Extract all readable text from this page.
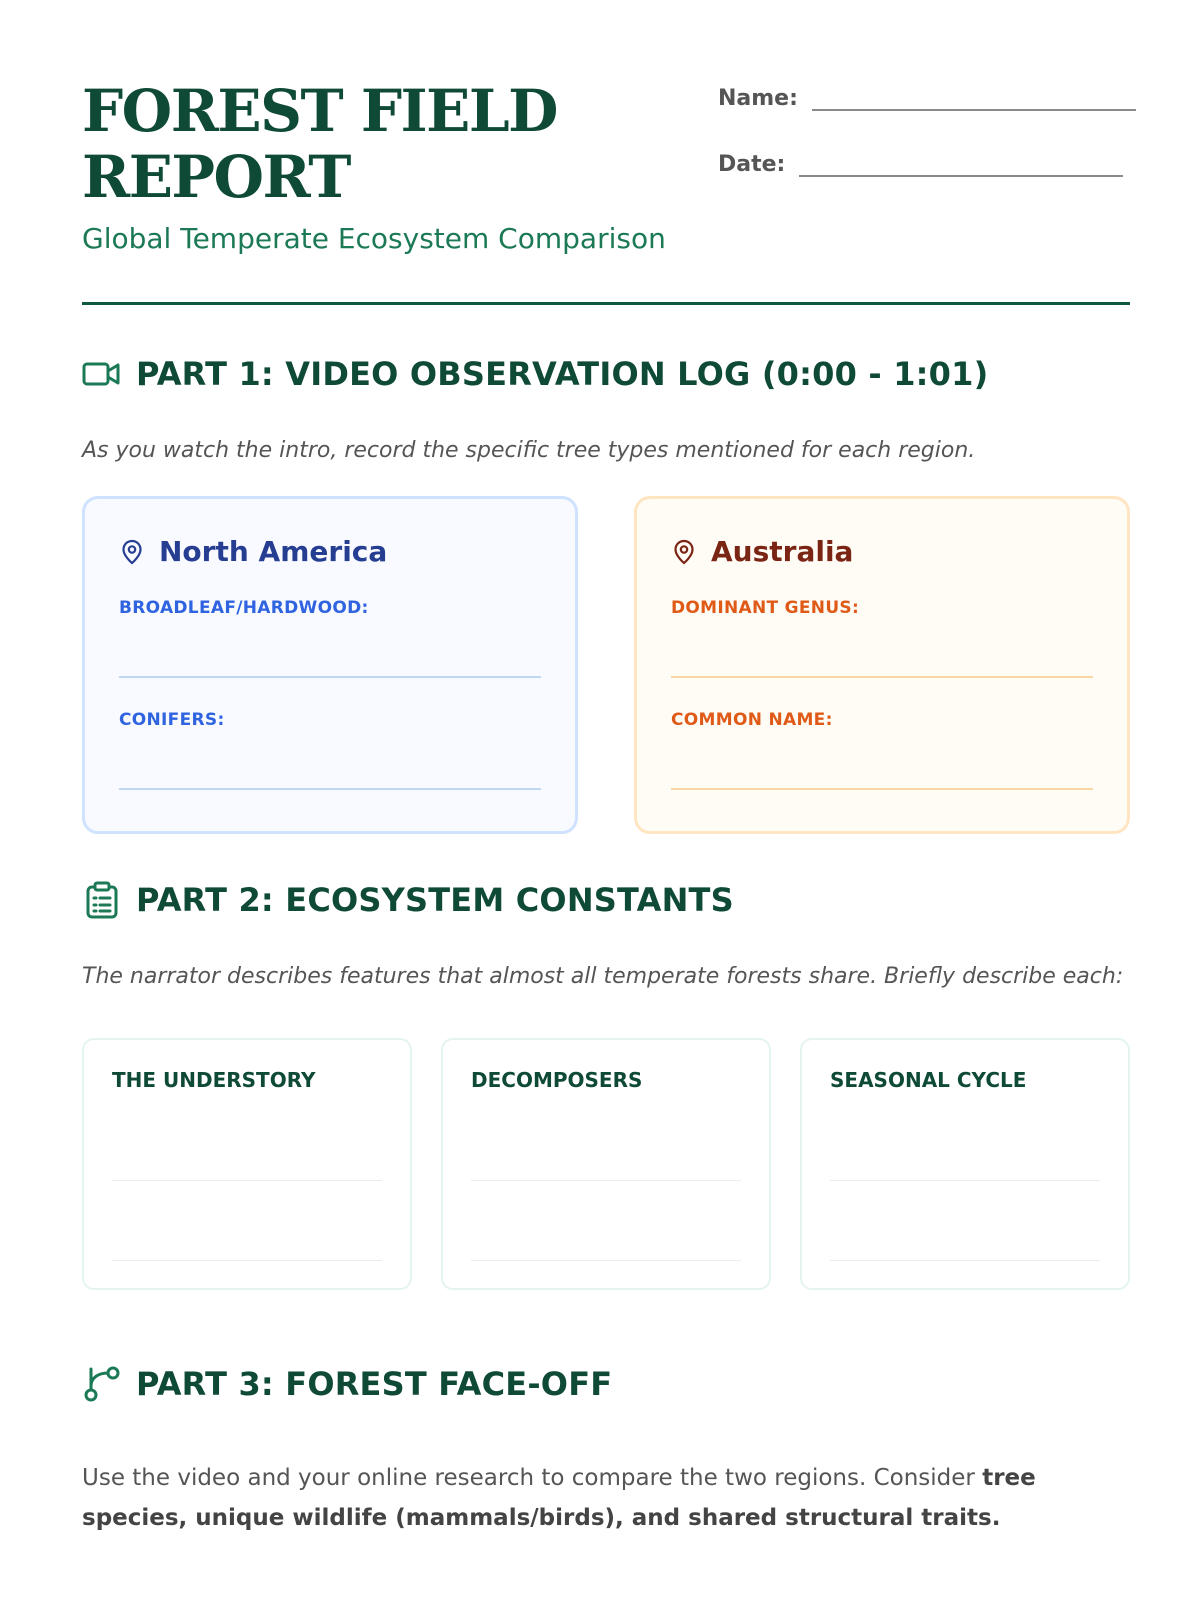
FOREST FIELD
REPORT
Global Temperate Ecosystem Comparison
Name:
Date:
PART 1: VIDEO OBSERVATION LOG (0:00 - 1:01)
As you watch the intro, record the specific tree types mentioned for each region.
North America
BROADLEAF/HARDWOOD:
CONIFERS:
Australia
DOMINANT GENUS:
COMMON NAME:
PART 2: ECOSYSTEM CONSTANTS
The narrator describes features that almost all temperate forests share. Briefly describe each:
THE UNDERSTORY	DECOMPOSERS	SEASONAL CYCLE
PART 3: FOREST FACE-OFF
Use the video and your online research to compare the two regions. Consider tree species, unique wildlife (mammals/birds), and shared structural traits.
